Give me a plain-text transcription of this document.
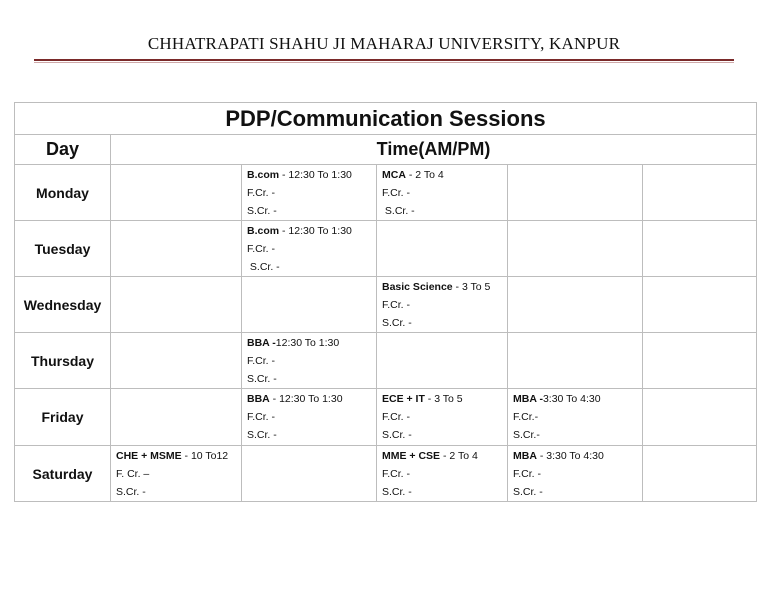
CHHATRAPATI SHAHU JI MAHARAJ UNIVERSITY, KANPUR
PDP/Communication Sessions					
Day	Time(AM/PM)				
Monday		B.com - 12:30 To 1:30
F.Cr. -
S.Cr. -	MCA - 2 To 4
F.Cr. -
S.Cr. -		

Tuesday		B.com - 12:30 To 1:30
F.Cr. -
S.Cr. -			

Wednesday			Basic Science - 3 To 5
F.Cr. -
S.Cr. -		

Thursday		BBA -12:30 To 1:30
F.Cr. -
S.Cr. -			

Friday		BBA - 12:30 To 1:30
F.Cr. -
S.Cr. -	ECE + IT - 3 To 5
F.Cr. -
S.Cr. -	MBA -3:30 To 4:30
F.Cr.-
S.Cr.-	

Saturday	CHE + MSME - 10 To12
F. Cr. –
S.Cr. -		MME + CSE - 2 To 4
F.Cr. -
S.Cr. -	MBA - 3:30 To 4:30
F.Cr. -
S.Cr. -	
